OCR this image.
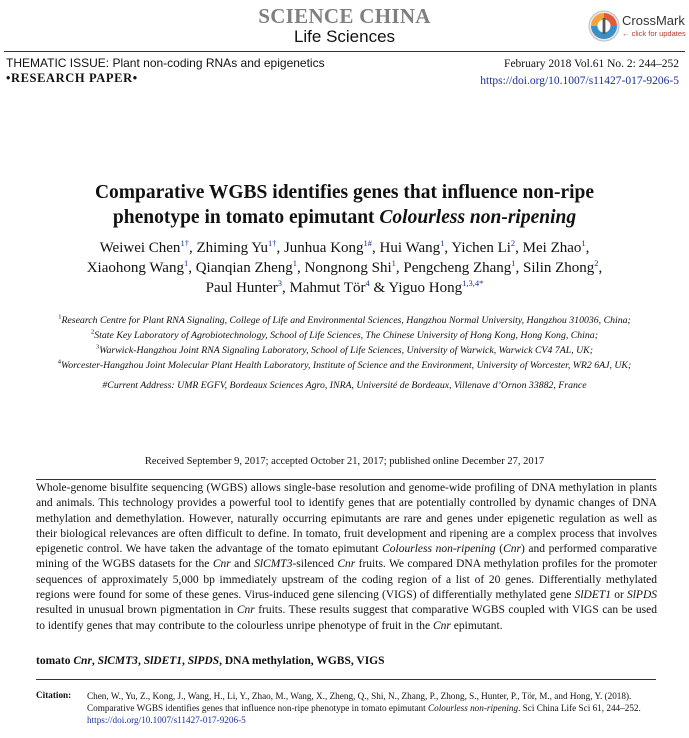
SCIENCE CHINA
Life Sciences
CrossMark
← click for updates
THEMATIC ISSUE: Plant non-coding RNAs and epigenetics
•RESEARCH PAPER•
February 2018 Vol.61 No. 2: 244–252
https://doi.org/10.1007/s11427-017-9206-5
Comparative WGBS identifies genes that influence non-ripe
phenotype in tomato epimutant Colourless non-ripening
Weiwei Chen$^{1\dagger}$, Zhiming $Yu^{1\dagger}$, Junhua Kong$^{1\#}$, Hui Wang$^1$, Yichen Li$^2$, Mei Zhao$^1$,
Xiaohong Wang$^1$, Qianqian Zheng$^1$, Nongnong Shi$^1$, Pengcheng Zhang$^1$, Silin Zhong$^2$,
Paul Hunter$^3$, Mahmut Tör$^4$ & Yiguo Hong$^{1,3,4*}$
$^1$Research Centre for Plant RNA Signaling, College of Life and Environmental Sciences, Hangzhou Normal University, Hangzhou 310036, China;
$^2$State Key Laboratory of Agrobiotechnology, School of Life Sciences, The Chinese University of Hong Kong, Hong Kong, China;
$^3$Warwick-Hangzhou Joint RNA Signaling Laboratory, School of Life Sciences, University of Warwick, Warwick CV4 7AL, UK;
$^4$Worcester-Hangzhou Joint Molecular Plant Health Laboratory, Institute of Science and the Environment, University of Worcester, WR2 6AJ, UK;
#Current Address: UMR EGFV, Bordeaux Sciences Agro, INRA, Université de Bordeaux, Villenave d’Ornon 33882, France
Received September 9, 2017; accepted October 21, 2017; published online December 27, 2017
Whole-genome bisulfite sequencing (WGBS) allows single-base resolution and genome-wide profiling of DNA methylation in plants and animals. This technology provides a powerful tool to identify genes that are potentially controlled by dynamic changes of DNA methylation and demethylation. However, naturally occurring epimutants are rare and genes under epigenetic regulation as well as their biological relevances are often difficult to define. In tomato, fruit development and ripening are a complex process that involves epigenetic control. We have taken the advantage of the tomato epimutant Colourless non-ripening (Cnr) and performed comparative mining of the WGBS datasets for the Cnr and SlCMT3-silenced Cnr fruits. We compared DNA methylation profiles for the promoter sequences of approximately 5,000 bp immediately upstream of the coding region of a list of 20 genes. Differentially methylated regions were found for some of these genes. Virus-induced gene silencing (VIGS) of differentially methylated gene SlDET1 or SlPDS resulted in unusual brown pigmentation in Cnr fruits. These results suggest that comparative WGBS coupled with VIGS can be used to identify genes that may contribute to the colourless unripe phenotype of fruit in the Cnr epimutant.
tomato Cnr, SlCMT3, SlDET1, SlPDS, DNA methylation, WGBS, VIGS
Citation: Chen, W., Yu, Z., Kong, J., Wang, H., Li, Y., Zhao, M., Wang, X., Zheng, Q., Shi, N., Zhang, P., Zhong, S., Hunter, P., Tör, M., and Hong, Y. (2018). Comparative WGBS identifies genes that influence non-ripe phenotype in tomato epimutant Colourless non-ripening. Sci China Life Sci 61, 244–252.
https://doi.org/10.1007/s11427-017-9206-5
